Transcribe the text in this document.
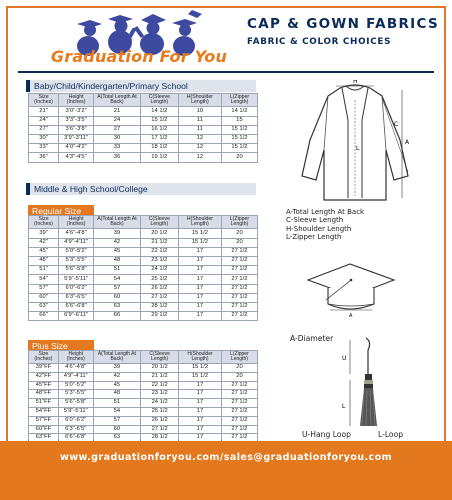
Graduation For You
CAP & GOWN FABRICS
FABRIC & COLOR CHOICES
Baby/Child/Kindergarten/Primary School
Size (Inches)	Height (Inches)	A(Total Length At Back)	C(Sleeve Length)	H(Shoulder Length)	L(Zipper Length)
21"	3'0"-3'2"	21	14 1/2	10	14 1/2
24"	3'3"-3'5"	24	15 1/2	11	15
27"	3'6"-3'8"	27	16 1/2	11	15 1/2
30"	3'9"-3'11"	30	17 1/2	12	15 1/2
33"	4'0"-4'2"	33	18 1/2	12	15 1/2
36"	4'3"-4'5"	36	19 1/2	12	20
Middle & High School/College
Regular Size
Size (Inches)	Height (Inches)	A(Total Length At Back)	C(Sleeve Length)	H(Shoulder Length)	L(Zipper Length)
39"	4'6"-4'8"	39	20 1/2	15 1/2	20
42"	4'9"-4'11"	42	21 1/2	15 1/2	20
45"	5'0"-5'2"	45	22 1/2	17	27 1/2
48"	5'3"-5'5"	48	23 1/2	17	27 1/2
51"	5'6"-5'8"	51	24 1/2	17	27 1/2
54"	5'9"-5'11"	54	25 1/2	17	27 1/2
57"	6'0"-6'2"	57	26 1/2	17	27 1/2
60"	6'3"-6'5"	60	27 1/2	17	27 1/2
63"	6'6"-6'8"	63	28 1/2	17	27 1/2
66"	6'9"-6'11"	66	29 1/2	17	27 1/2
Plus Size
Size (Inches)	Height (Inches)	A(Total Length At Back)	C(Sleeve Length)	H(Shoulder Length)	L(Zipper Length)
39"FF	4'6"-4'8"	39	20 1/2	15 1/2	20
42"FF	4'9"-4'11"	42	21 1/2	15 1/2	20
45"FF	5'0"-5'2"	45	22 1/2	17	27 1/2
48"FF	5'3"-5'5"	48	23 1/2	17	27 1/2
51"FF	5'6"-5'8"	51	24 1/2	17	27 1/2
54"FF	5'9"-5'11"	54	25 1/2	17	27 1/2
57"FF	6'0"-6'2"	57	26 1/2	17	27 1/2
60"FF	6'3"-6'5"	60	27 1/2	17	27 1/2
63"FF	6'6"-6'8"	63	28 1/2	17	27 1/2

A
H
C
L
A-Total Length At Back
C-Sleeve Length
H-Shoulder Length
L-Zipper Length
A
A-Diameter
U
L
U-Hang Loop	L-Loop
www.graduationforyou.com/sales@graduationforyou.com
